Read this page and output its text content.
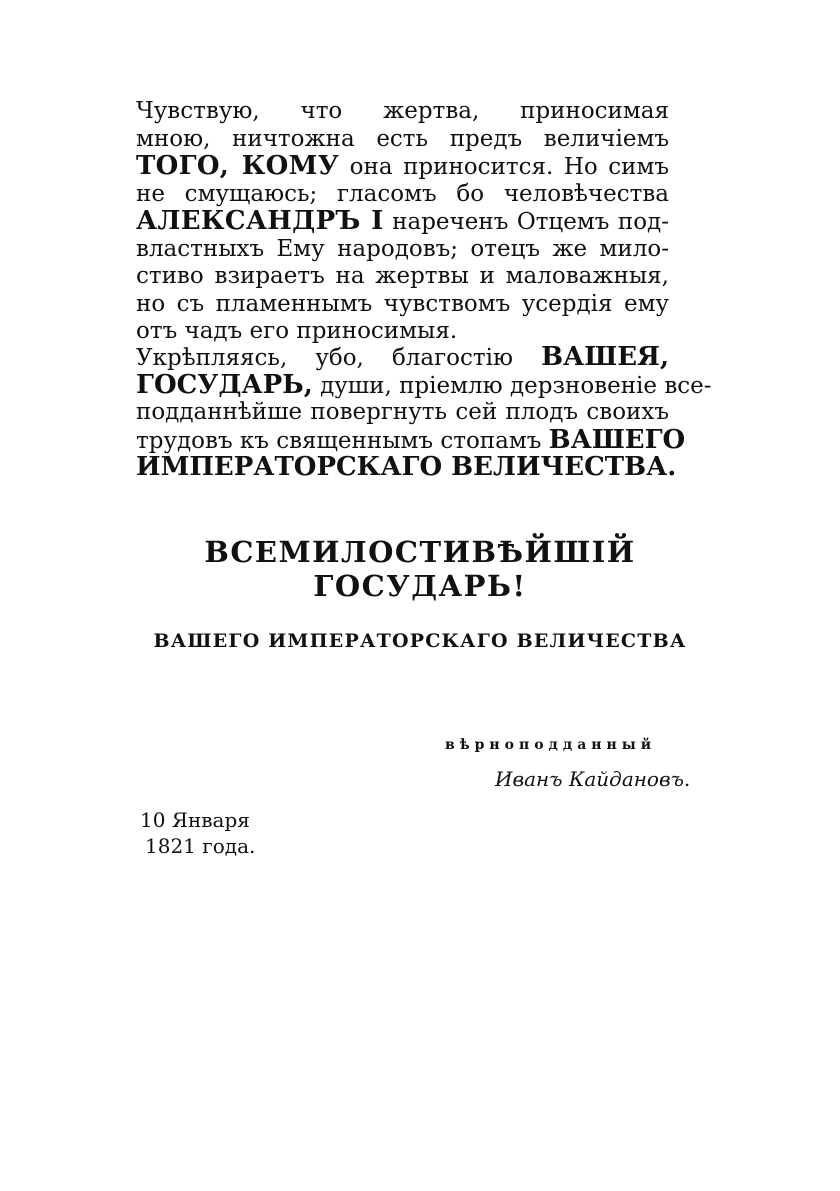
Чувствую, что жертва, приносимая
мною, ничтожна есть предъ величіемъ
ТОГО, КОМУ она приносится. Но симъ
не смущаюсь; гласомъ бо человѣчества
АЛЕКСАНДРЪ I нареченъ Отцемъ под-
властныхъ Ему народовъ; отецъ же мило-
стиво взираетъ на жертвы и маловажныя,
но съ пламеннымъ чувствомъ усердія ему
отъ чадъ его приносимыя.
Укрѣпляясь, убо, благостію ВАШЕЯ,
ГОСУДАРЬ, души, пріемлю дерзновеніе все-
подданнѣйше повергнуть сей плодъ своихъ
трудовъ къ священнымъ стопамъ ВАШЕГО
ИМПЕРАТОРСКАГО ВЕЛИЧЕСТВА.
ВСЕМИЛОСТИВѢЙШІЙ ГОСУДАРЬ!
ВАШЕГО ИМПЕРАТОРСКАГО ВЕЛИЧЕСТВА
вѣрноподданный
Иванъ Кайдановъ.
10 Января
1821 года.
